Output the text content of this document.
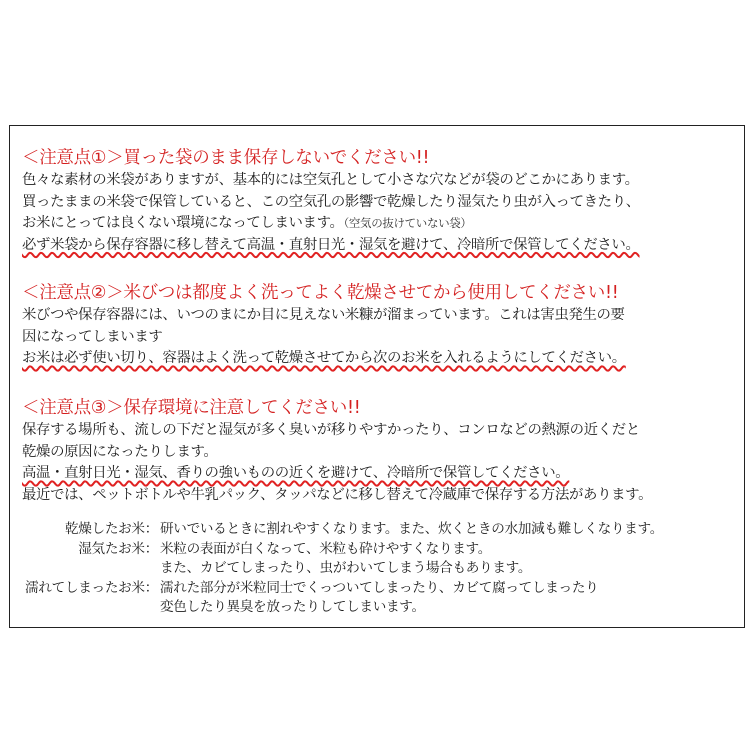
＜注意点①＞買った袋のまま保存しないでください!!
色々な素材の米袋がありますが、基本的には空気孔として小さな穴などが袋のどこかにあります。
買ったままの米袋で保管していると、この空気孔の影響で乾燥したり湿気たり虫が入ってきたり、
お米にとっては良くない環境になってしまいます。（空気の抜けていない袋）
必ず米袋から保存容器に移し替えて高温・直射日光・湿気を避けて、冷暗所で保管してください。
＜注意点②＞米びつは都度よく洗ってよく乾燥させてから使用してください!!
米びつや保存容器には、いつのまにか目に見えない米糠が溜まっています。これは害虫発生の要
因になってしまいます
お米は必ず使い切り、容器はよく洗って乾燥させてから次のお米を入れるようにしてください。
＜注意点③＞保存環境に注意してください!!
保存する場所も、流しの下だと湿気が多く臭いが移りやすかったり、コンロなどの熱源の近くだと
乾燥の原因になったりします。
高温・直射日光・湿気、香りの強いものの近くを避けて、冷暗所で保管してください。
最近では、ペットボトルや牛乳パック、タッパなどに移し替えて冷蔵庫で保存する方法があります。
乾燥したお米： 研いでいるときに割れやすくなります。また、炊くときの水加減も難しくなります。
湿気たお米： 米粒の表面が白くなって、米粒も砕けやすくなります。
また、カビてしまったり、虫がわいてしまう場合もあります。
濡れてしまったお米： 濡れた部分が米粒同士でくっついてしまったり、カビて腐ってしまったり
変色したり異臭を放ったりしてしまいます。
